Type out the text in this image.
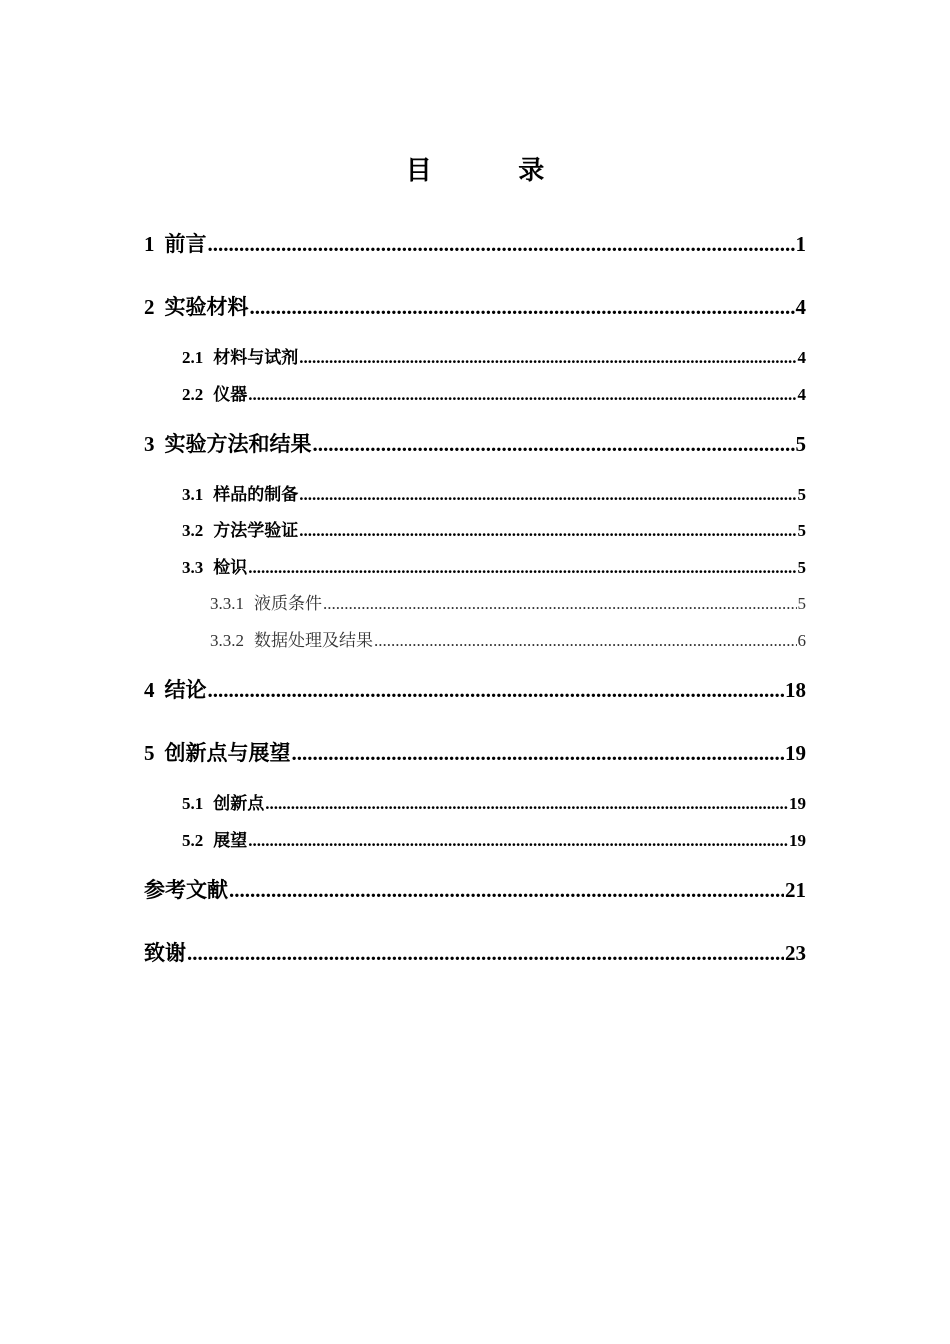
目 录
1 前言 .....	1
2 实验材料 .....	4
2.1 材料与试剂 .....	4
2.2 仪器 .....	4
3 实验方法和结果 .....	5
3.1 样品的制备 .....	5
3.2 方法学验证 .....	5
3.3 检识 .....	5
3.3.1 液质条件 .....	5
3.3.2 数据处理及结果 .....	6
4 结论 .....	18
5 创新点与展望 .....	19
5.1 创新点 .....	19
5.2 展望 .....	19
参考文献 .....	21
致谢 .....	23
